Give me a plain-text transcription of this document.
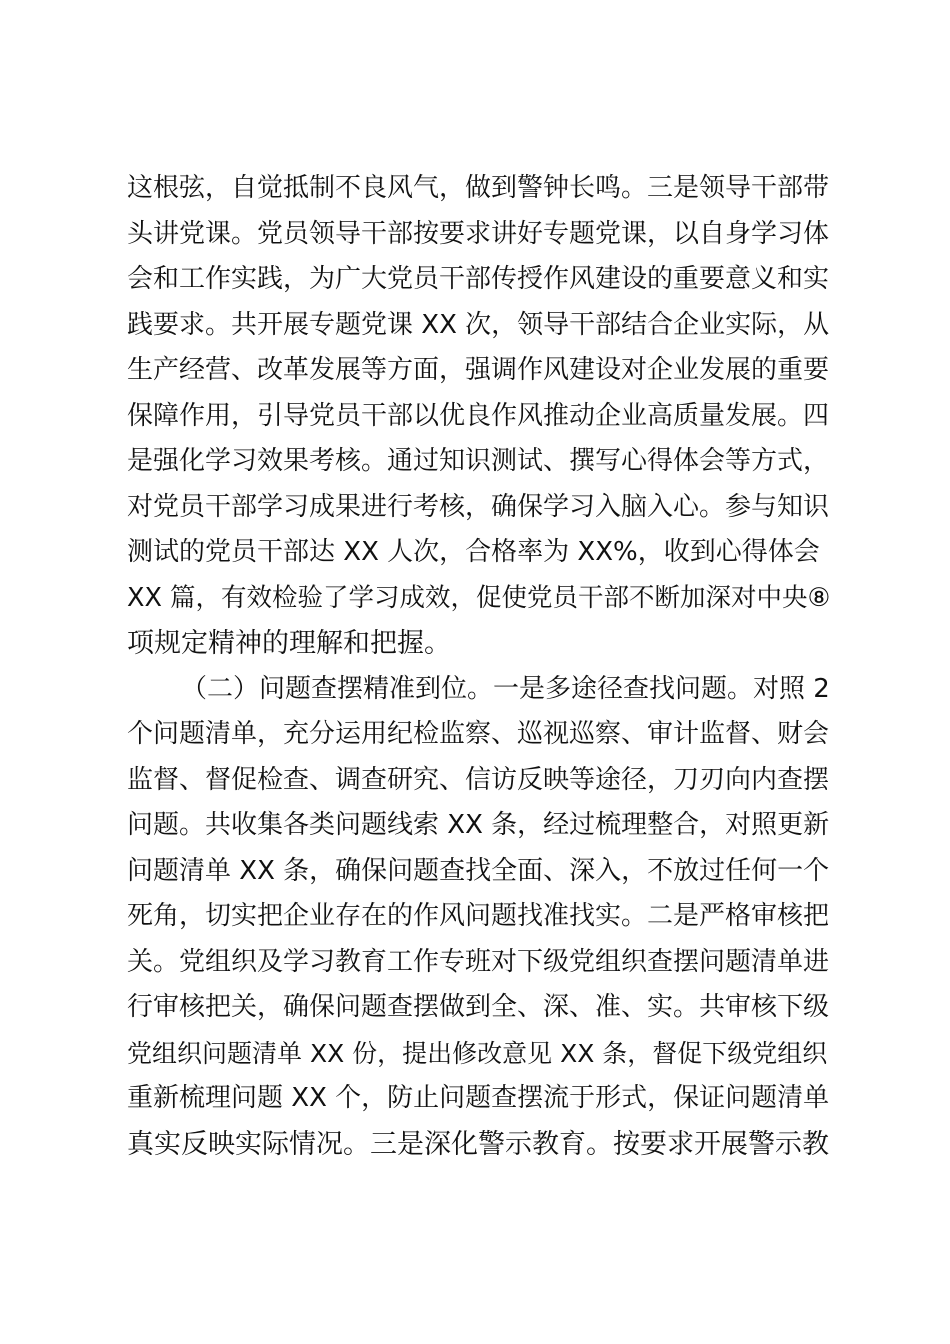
这根弦，自觉抵制不良风气，做到警钟长鸣。三是领导干部带
头讲党课。党员领导干部按要求讲好专题党课，以自身学习体
会和工作实践，为广大党员干部传授作风建设的重要意义和实
践要求。共开展专题党课 XX 次，领导干部结合企业实际，从
生产经营、改革发展等方面，强调作风建设对企业发展的重要
保障作用，引导党员干部以优良作风推动企业高质量发展。四
是强化学习效果考核。通过知识测试、撰写心得体会等方式，
对党员干部学习成果进行考核，确保学习入脑入心。参与知识
测试的党员干部达 XX 人次，合格率为 XX%，收到心得体会
XX 篇，有效检验了学习成效，促使党员干部不断加深对中央⑧
项规定精神的理解和把握。
（二）问题查摆精准到位。一是多途径查找问题。对照 2
个问题清单，充分运用纪检监察、巡视巡察、审计监督、财会
监督、督促检查、调查研究、信访反映等途径，刀刃向内查摆
问题。共收集各类问题线索 XX 条，经过梳理整合，对照更新
问题清单 XX 条，确保问题查找全面、深入，不放过任何一个
死角，切实把企业存在的作风问题找准找实。二是严格审核把
关。党组织及学习教育工作专班对下级党组织查摆问题清单进
行审核把关，确保问题查摆做到全、深、准、实。共审核下级
党组织问题清单 XX 份，提出修改意见 XX 条，督促下级党组织
重新梳理问题 XX 个，防止问题查摆流于形式，保证问题清单
真实反映实际情况。三是深化警示教育。按要求开展警示教
